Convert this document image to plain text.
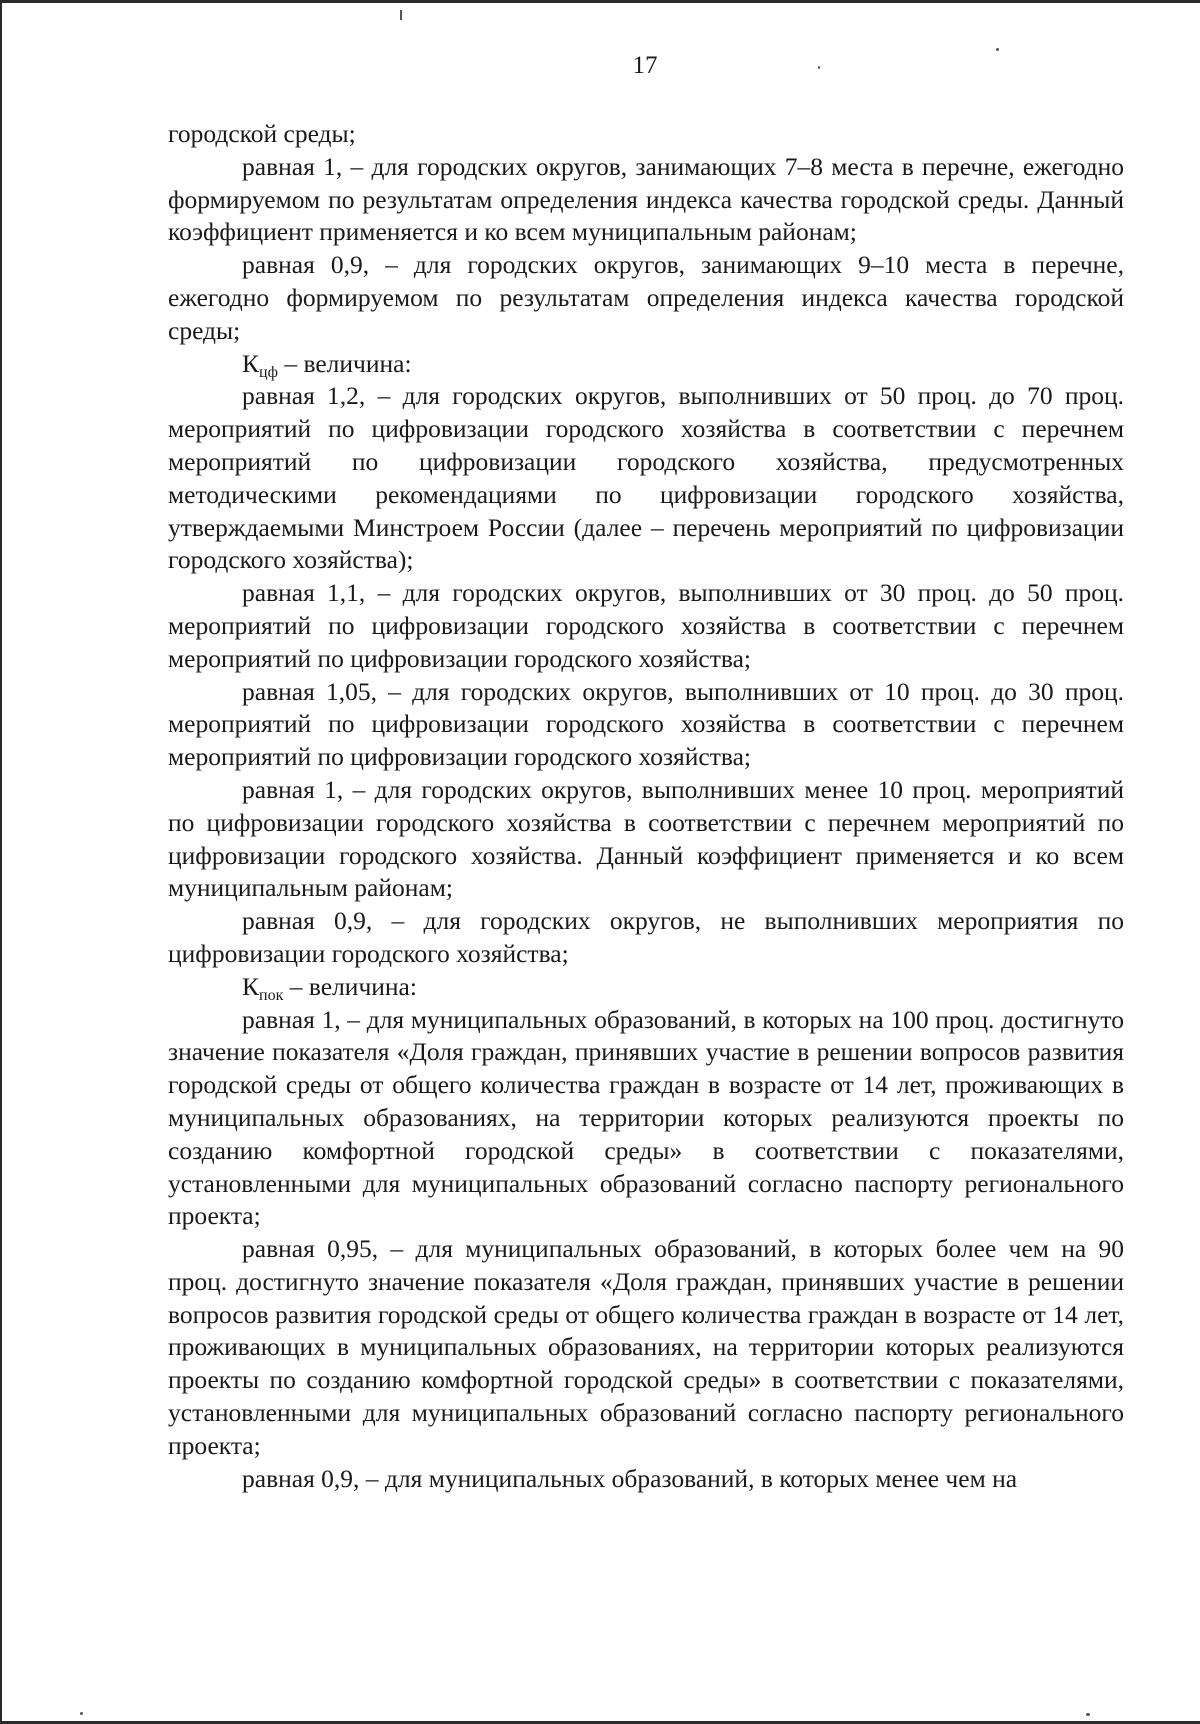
17

городской среды;

равная 1, – для городских округов, занимающих 7–8 места в перечне, ежегодно формируемом по результатам определения индекса качества городской среды. Данный коэффициент применяется и ко всем муниципальным районам;

равная 0,9, – для городских округов, занимающих 9–10 места в перечне, ежегодно формируемом по результатам определения индекса качества городской среды;

$К_{цф}$ – величина:

равная 1,2, – для городских округов, выполнивших от 50 проц. до 70 проц. мероприятий по цифровизации городского хозяйства в соответствии с перечнем мероприятий по цифровизации городского хозяйства, предусмотренных методическими рекомендациями по цифровизации городского хозяйства, утверждаемыми Минстроем России (далее – перечень мероприятий по цифровизации городского хозяйства);

равная 1,1, – для городских округов, выполнивших от 30 проц. до 50 проц. мероприятий по цифровизации городского хозяйства в соответствии с перечнем мероприятий по цифровизации городского хозяйства;

равная 1,05, – для городских округов, выполнивших от 10 проц. до 30 проц. мероприятий по цифровизации городского хозяйства в соответствии с перечнем мероприятий по цифровизации городского хозяйства;

равная 1, – для городских округов, выполнивших менее 10 проц. мероприятий по цифровизации городского хозяйства в соответствии с перечнем мероприятий по цифровизации городского хозяйства. Данный коэффициент применяется и ко всем муниципальным районам;

равная 0,9, – для городских округов, не выполнивших мероприятия по цифровизации городского хозяйства;

$К_{пок}$ – величина:

равная 1, – для муниципальных образований, в которых на 100 проц. достигнуто значение показателя «Доля граждан, принявших участие в решении вопросов развития городской среды от общего количества граждан в возрасте от 14 лет, проживающих в муниципальных образованиях, на территории которых реализуются проекты по созданию комфортной городской среды» в соответствии с показателями, установленными для муниципальных образований согласно паспорту регионального проекта;

равная 0,95, – для муниципальных образований, в которых более чем на 90 проц. достигнуто значение показателя «Доля граждан, принявших участие в решении вопросов развития городской среды от общего количества граждан в возрасте от 14 лет, проживающих в муниципальных образованиях, на территории которых реализуются проекты по созданию комфортной городской среды» в соответствии с показателями, установленными для муниципальных образований согласно паспорту регионального проекта;

равная 0,9, – для муниципальных образований, в которых менее чем на
